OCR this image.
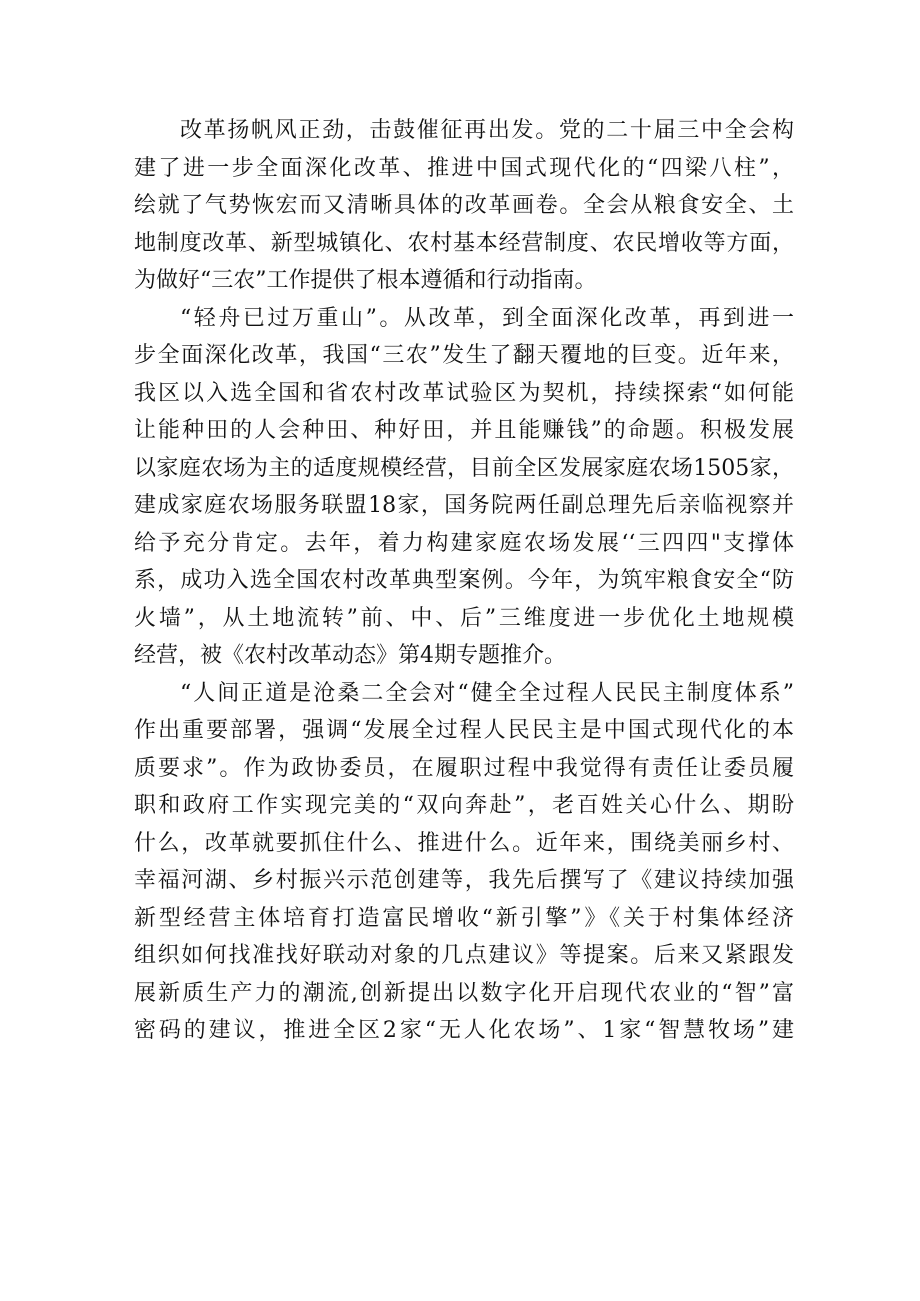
改革扬帆风正劲，击鼓催征再出发。党的二十届三中全会构
建了进一步全面深化改革、推进中国式现代化的“四梁八柱”，
绘就了气势恢宏而又清晰具体的改革画卷。全会从粮食安全、土
地制度改革、新型城镇化、农村基本经营制度、农民增收等方面，
为做好“三农”工作提供了根本遵循和行动指南。
“轻舟已过万重山”。从改革，到全面深化改革，再到进一
步全面深化改革，我国“三农”发生了翻天覆地的巨变。近年来，
我区以入选全国和省农村改革试验区为契机，持续探索“如何能
让能种田的人会种田、种好田，并且能赚钱”的命题。积极发展
以家庭农场为主的适度规模经营，目前全区发展家庭农场1505家，
建成家庭农场服务联盟18家，国务院两任副总理先后亲临视察并
给予充分肯定。去年，着力构建家庭农场发展‘‘三四四"支撑体
系，成功入选全国农村改革典型案例。今年，为筑牢粮食安全“防
火墙”，从土地流转”前、中、后”三维度进一步优化土地规模
经营，被《农村改革动态》第4期专题推介。
“人间正道是沧桑二全会对“健全全过程人民民主制度体系”
作出重要部署，强调“发展全过程人民民主是中国式现代化的本
质要求”。作为政协委员，在履职过程中我觉得有责任让委员履
职和政府工作实现完美的“双向奔赴”，老百姓关心什么、期盼
什么，改革就要抓住什么、推进什么。近年来，围绕美丽乡村、
幸福河湖、乡村振兴示范创建等，我先后撰写了《建议持续加强
新型经营主体培育打造富民增收“新引擎”》《关于村集体经济
组织如何找准找好联动对象的几点建议》等提案。后来又紧跟发
展新质生产力的潮流,创新提出以数字化开启现代农业的“智”富
密码的建议，推进全区2家“无人化农场”、1家“智慧牧场”建
